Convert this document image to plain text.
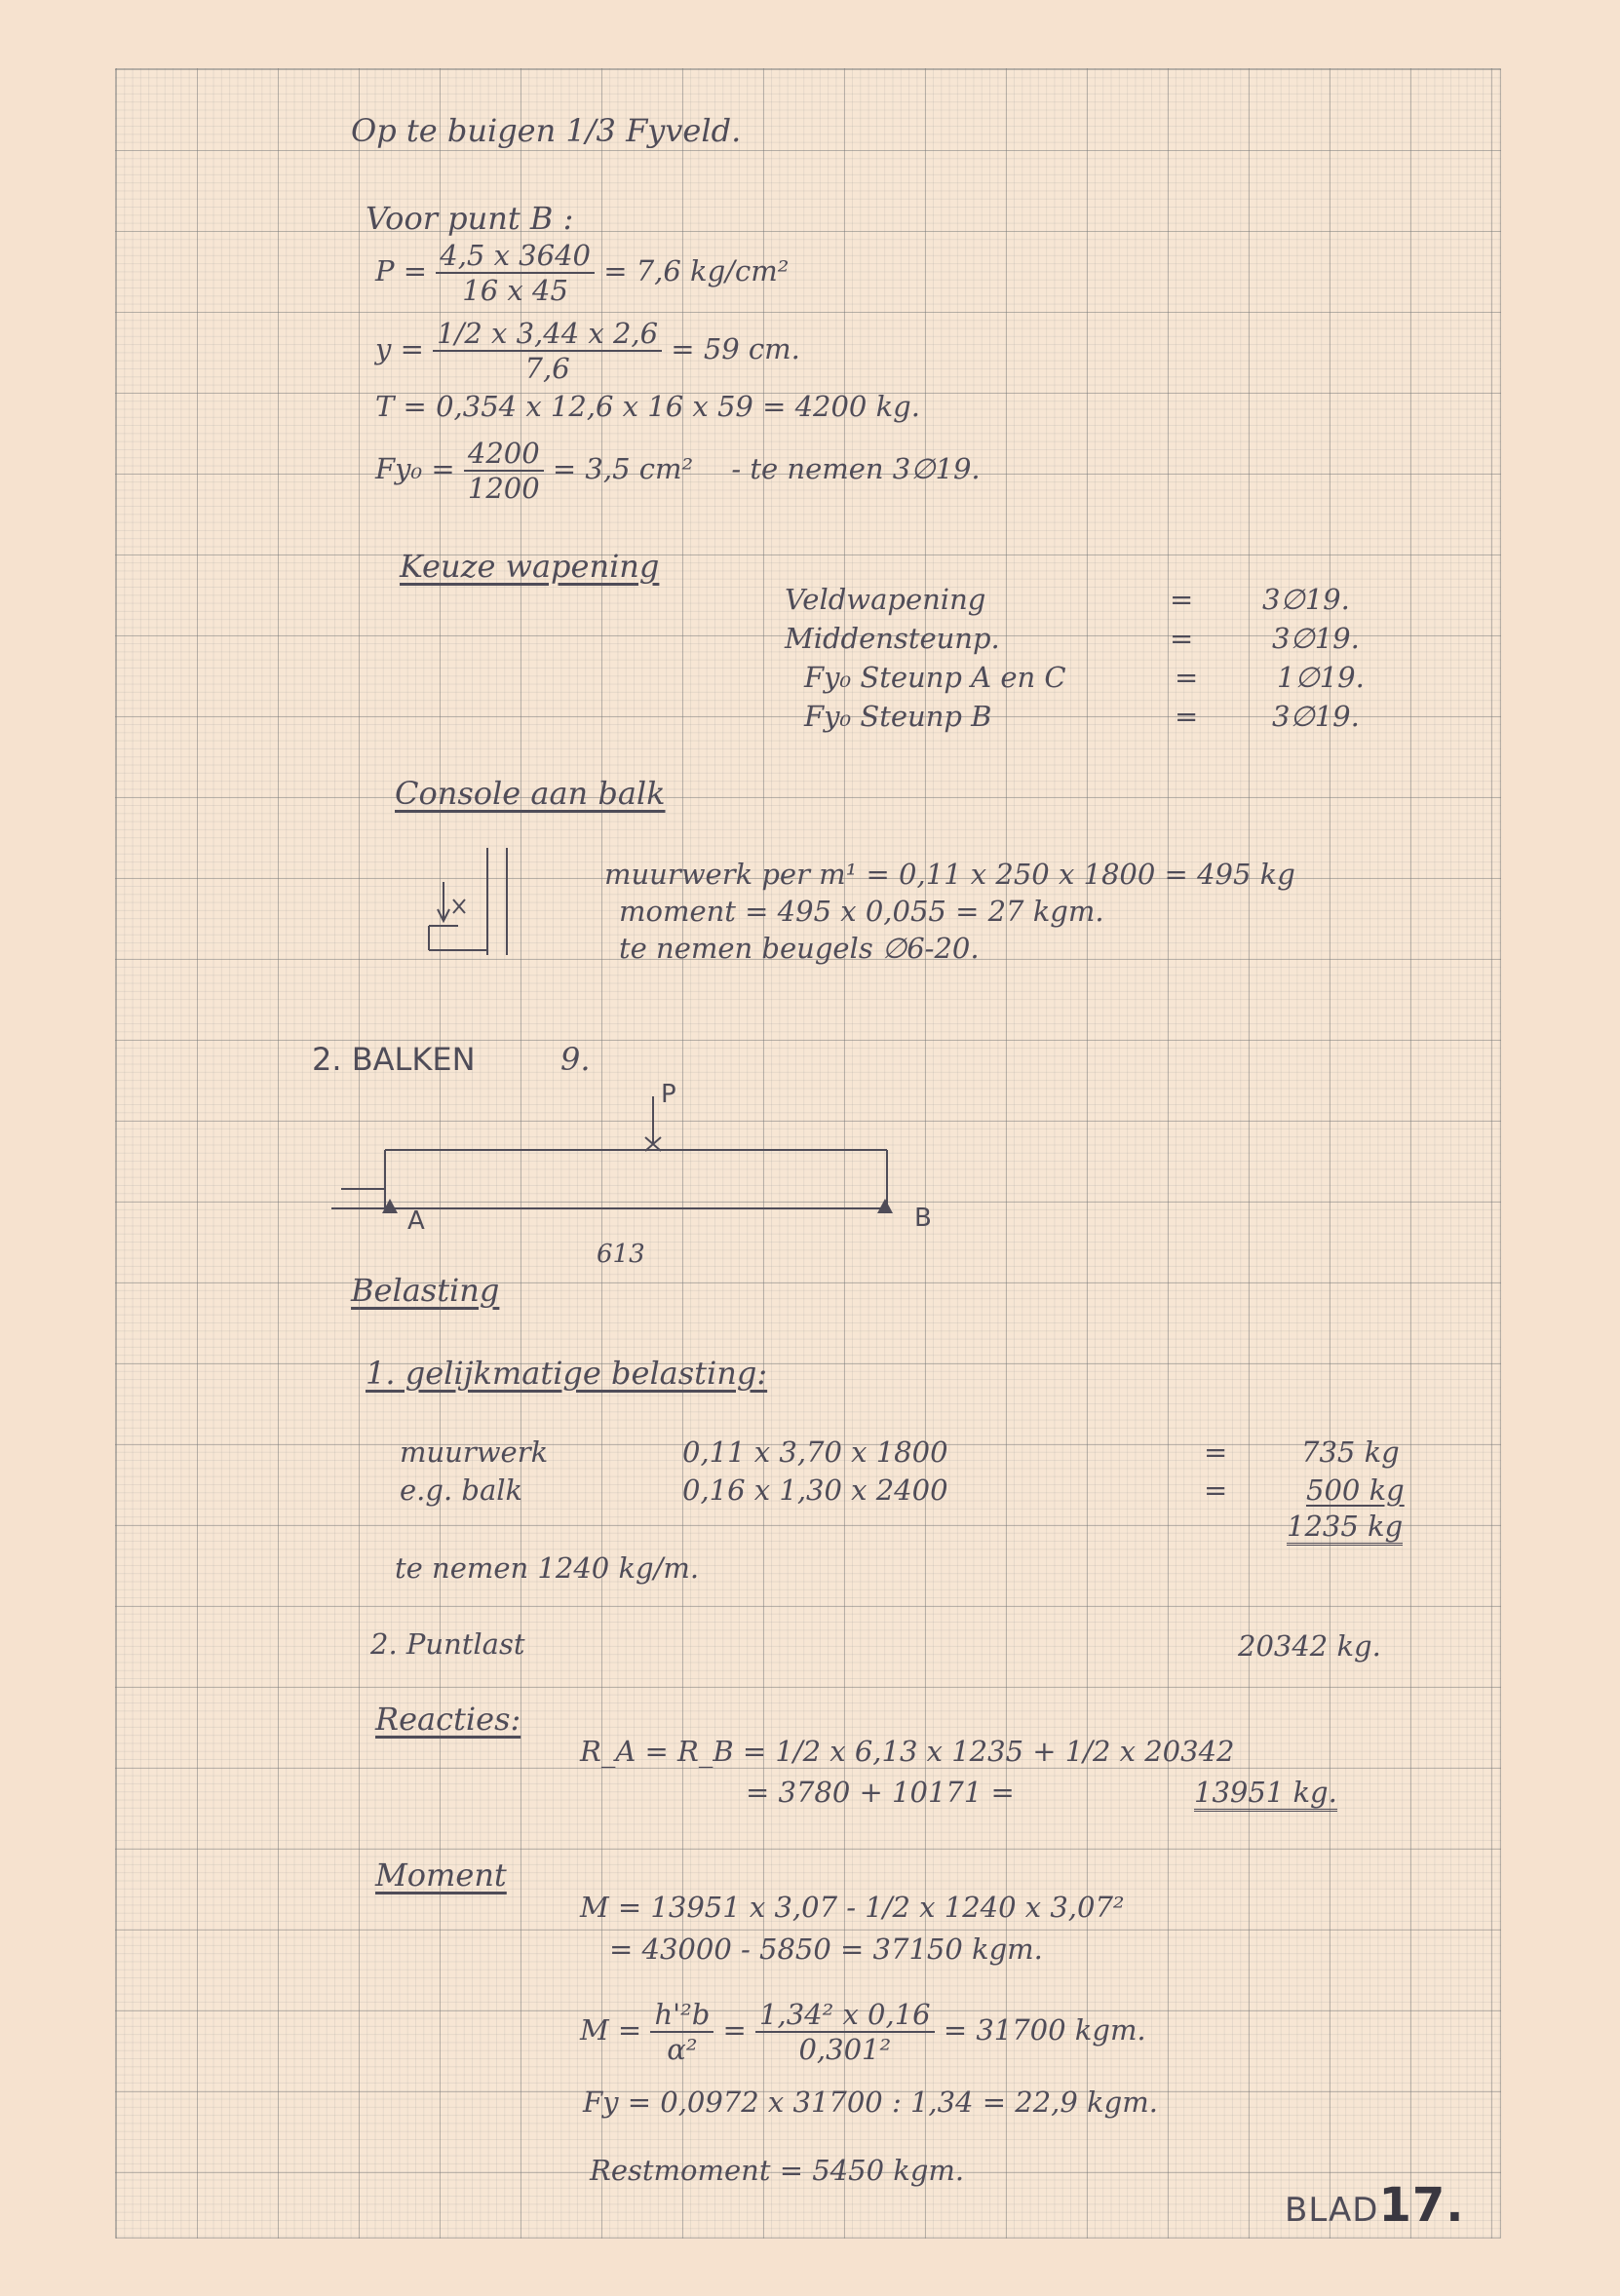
Op te buigen 1/3 Fyveld.
Voor punt B :
$P = \frac{4,5 x 3640}{16 x 45} = 7,6$ kg/cm²
$y = \frac{1/2 x 3,44 x 2,6}{7,6} = 59$ cm.
T = 0,354 x 12,6 x 16 x 59 = 4200 kg.
$Fy_0 = \frac{4200}{1200} = 3,5$ cm² - te nemen 3∅19.
Keuze wapening
Veldwapening	= 3∅19.
Middensteunp.	=	3∅19.
Fy₀ Steunp A en C	=	1∅19.
Fy₀ Steunp B	=	3∅19.
Console aan balk
muurwerk per m¹ = 0,11 x 250 x 1800 = 495 kg
moment = 495 x 0,055 = 27 kgm.
te nemen beugels ∅6-20.
2. BALKEN	9.
P
A	B
613
Belasting
1. gelijkmatige belasting:
muurwerk	0,11 x 3,70 x 1800	=	735 kg
e.g. balk	0,16 x 1,30 x 2400	=	500 kg
1235 kg
te nemen 1240 kg/m.
2. Puntlast	20342 kg.
Reacties:
R_A = R_B = 1/2 x 6,13 x 1235 + 1/2 x 20342
= 3780 + 10171 =	13951 kg.
Moment
M = 13951 x 3,07 - 1/2 x 1240 x 3,07²
= 43000 - 5850 = 37150 kgm.
$M = \frac{\text{h'²b}}{\text{α²}} = \frac{\text{1,34² x 0,16}}{\text{0,301²}} = 31700$ kgm.
Fy = 0,0972 x 31700 : 1,34 = 22,9 kgm.
Restmoment = 5450 kgm.
BLAD17.
